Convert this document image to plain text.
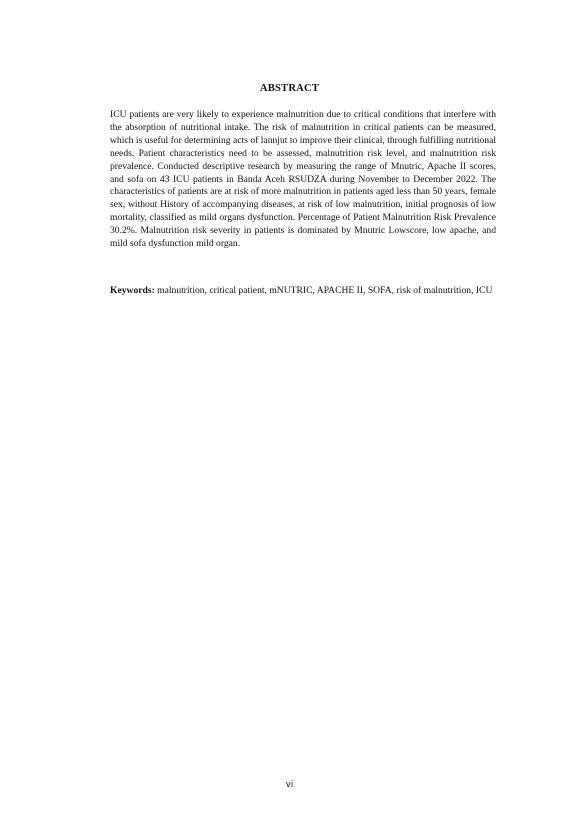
ABSTRACT

ICU patients are very likely to experience malnutrition due to critical conditions that interfere with the absorption of nutritional intake. The risk of malnutrition in critical patients can be measured, which is useful for determining acts of lannjut to improve their clinical, through fulfilling nutritional needs. Patient characteristics need to be assessed, malnutrition risk level, and malnutrition risk prevalence. Conducted descriptive research by measuring the range of Mnutric, Apache II scores, and sofa on 43 ICU patients in Banda Aceh RSUDZA during November to December 2022. The characteristics of patients are at risk of more malnutrition in patients aged less than 50 years, female sex, without History of accompanying diseases, at risk of low malnutrition, initial prognosis of low mortality, classified as mild organs dysfunction. Percentage of Patient Malnutrition Risk Prevalence 30.2%. Malnutrition risk severity in patients is dominated by Mnutric Lowscore, low apache, and mild sofa dysfunction mild organ.

Keywords: malnutrition, critical patient, mNUTRIC, APACHE II, SOFA, risk of malnutrition, ICU

vi
